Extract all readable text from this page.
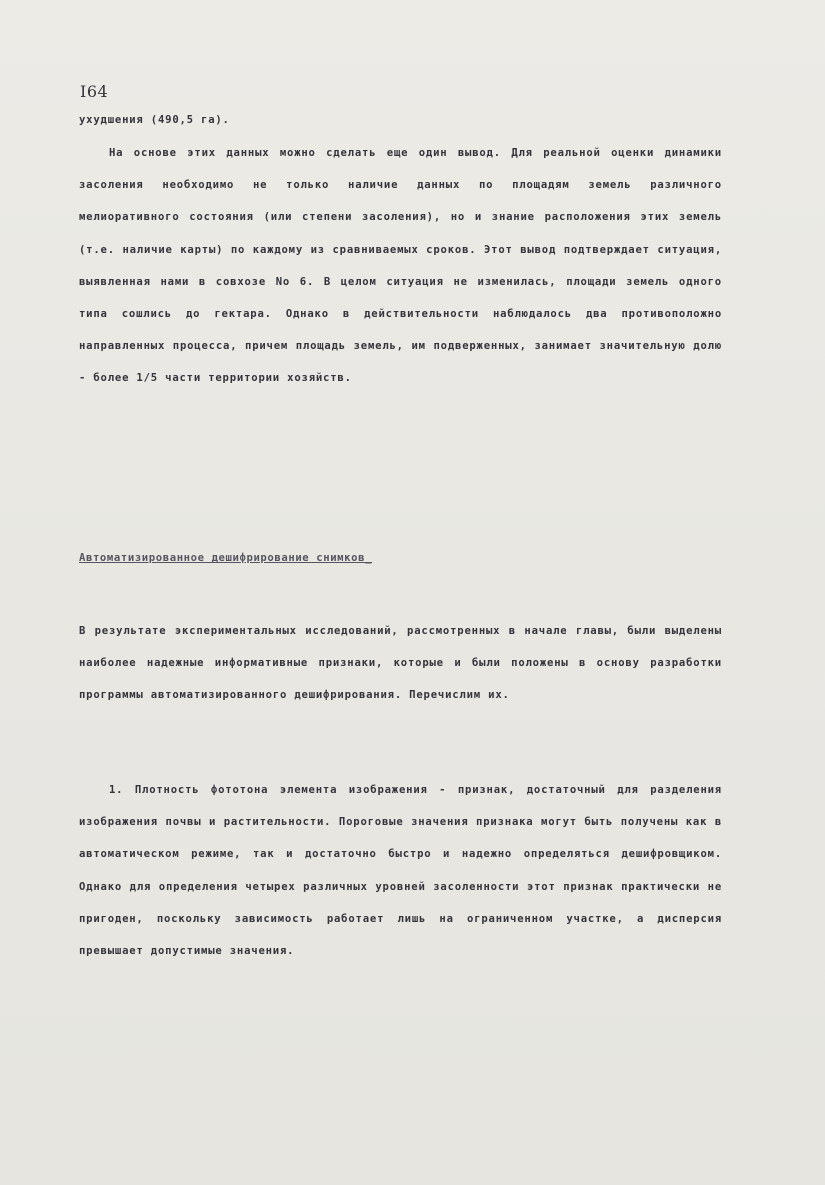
I64
ухудшения (490,5 га).
На основе этих данных можно сделать еще один вывод. Для реальной оценки динамики засоления необходимо не только наличие данных по площадям земель различного мелиоративного состояния (или степени засоления), но и знание расположения этих земель (т.е. наличие карты) по каждому из сравниваемых сроков. Этот вывод подтверждает ситуация, выявленная нами в совхозе No 6. В целом ситуация не изменилась, площади земель одного типа сошлись до гектара. Однако в действительности наблюдалось два противоположно направленных процесса, причем площадь земель, им подверженных, занимает значительную долю - более 1/5 части территории хозяйств.
Автоматизированное дешифрирование снимков_
В результате экспериментальных исследований, рассмотренных в начале главы, были выделены наиболее надежные информативные признаки, которые и были положены в основу разработки программы автоматизированного дешифрирования. Перечислим их.
1. Плотность фототона элемента изображения - признак, достаточный для разделения изображения почвы и растительности. Пороговые значения признака могут быть получены как в автоматическом режиме, так и достаточно быстро и надежно определяться дешифровщиком. Однако для определения четырех различных уровней засоленности этот признак практически не пригоден, поскольку зависимость работает лишь на ограниченном участке, а дисперсия превышает допустимые значения.
